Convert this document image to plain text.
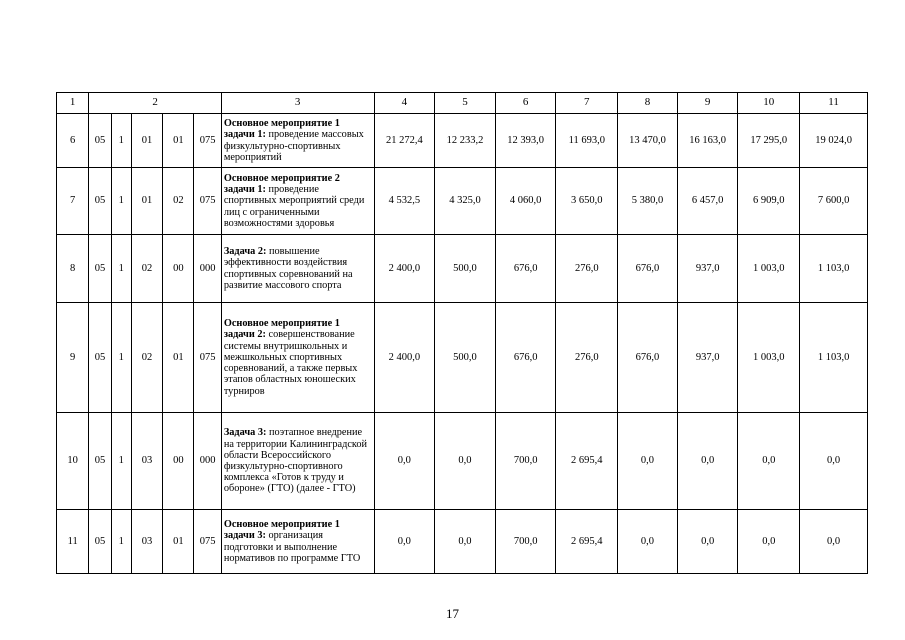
1	2					3	4	5	6	7	8	9	10	11
6	05	1	01	01	075	Основное мероприятие 1 задачи 1: проведение массовых физкультурно-спортивных мероприятий	21 272,4	12 233,2	12 393,0	11 693,0	13 470,0	16 163,0	17 295,0	19 024,0
7	05	1	01	02	075	Основное мероприятие 2 задачи 1: проведение спортивных мероприятий среди лиц с ограниченными возможностями здоровья	4 532,5	4 325,0	4 060,0	3 650,0	5 380,0	6 457,0	6 909,0	7 600,0
8	05	1	02	00	000	Задача 2: повышение эффективности воздействия спортивных соревнований на развитие массового спорта	2 400,0	500,0	676,0	276,0	676,0	937,0	1 003,0	1 103,0
9	05	1	02	01	075	Основное мероприятие 1 задачи 2: совершенствование системы внутришкольных и межшкольных спортивных соревнований, а также первых этапов областных юношеских турниров	2 400,0	500,0	676,0	276,0	676,0	937,0	1 003,0	1 103,0
10	05	1	03	00	000	Задача 3: поэтапное внедрение на территории Калининградской области Всероссийского физкультурно-спортивного комплекса «Готов к труду и обороне» (ГТО) (далее - ГТО)	0,0	0,0	700,0	2 695,4	0,0	0,0	0,0	0,0
11	05	1	03	01	075	Основное мероприятие 1 задачи 3: организация подготовки и выполнение нормативов по программе ГТО	0,0	0,0	700,0	2 695,4	0,0	0,0	0,0	0,0
17
